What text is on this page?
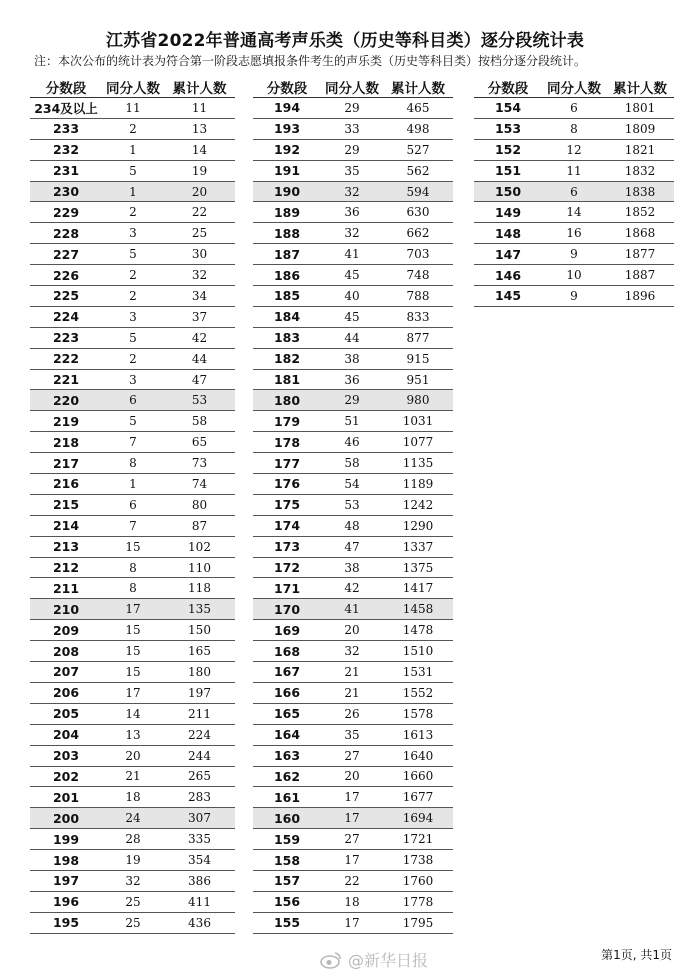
江苏省2022年普通高考声乐类（历史等科目类）逐分段统计表
注：本次公布的统计表为符合第一阶段志愿填报条件考生的声乐类（历史等科目类）按档分逐分段统计。
分数段	同分人数	累计人数
234及以上	11	11
233	2	13
232	1	14
231	5	19
230	1	20
229	2	22
228	3	25
227	5	30
226	2	32
225	2	34
224	3	37
223	5	42
222	2	44
221	3	47
220	6	53
219	5	58
218	7	65
217	8	73
216	1	74
215	6	80
214	7	87
213	15	102
212	8	110
211	8	118
210	17	135
209	15	150
208	15	165
207	15	180
206	17	197
205	14	211
204	13	224
203	20	244
202	21	265
201	18	283
200	24	307
199	28	335
198	19	354
197	32	386
196	25	411
195	25	436
分数段	同分人数	累计人数
194	29	465
193	33	498
192	29	527
191	35	562
190	32	594
189	36	630
188	32	662
187	41	703
186	45	748
185	40	788
184	45	833
183	44	877
182	38	915
181	36	951
180	29	980
179	51	1031
178	46	1077
177	58	1135
176	54	1189
175	53	1242
174	48	1290
173	47	1337
172	38	1375
171	42	1417
170	41	1458
169	20	1478
168	32	1510
167	21	1531
166	21	1552
165	26	1578
164	35	1613
163	27	1640
162	20	1660
161	17	1677
160	17	1694
159	27	1721
158	17	1738
157	22	1760
156	18	1778
155	17	1795
分数段	同分人数	累计人数
154	6	1801
153	8	1809
152	12	1821
151	11	1832
150	6	1838
149	14	1852
148	16	1868
147	9	1877
146	10	1887
145	9	1896
@新华日报	第1页, 共1页
